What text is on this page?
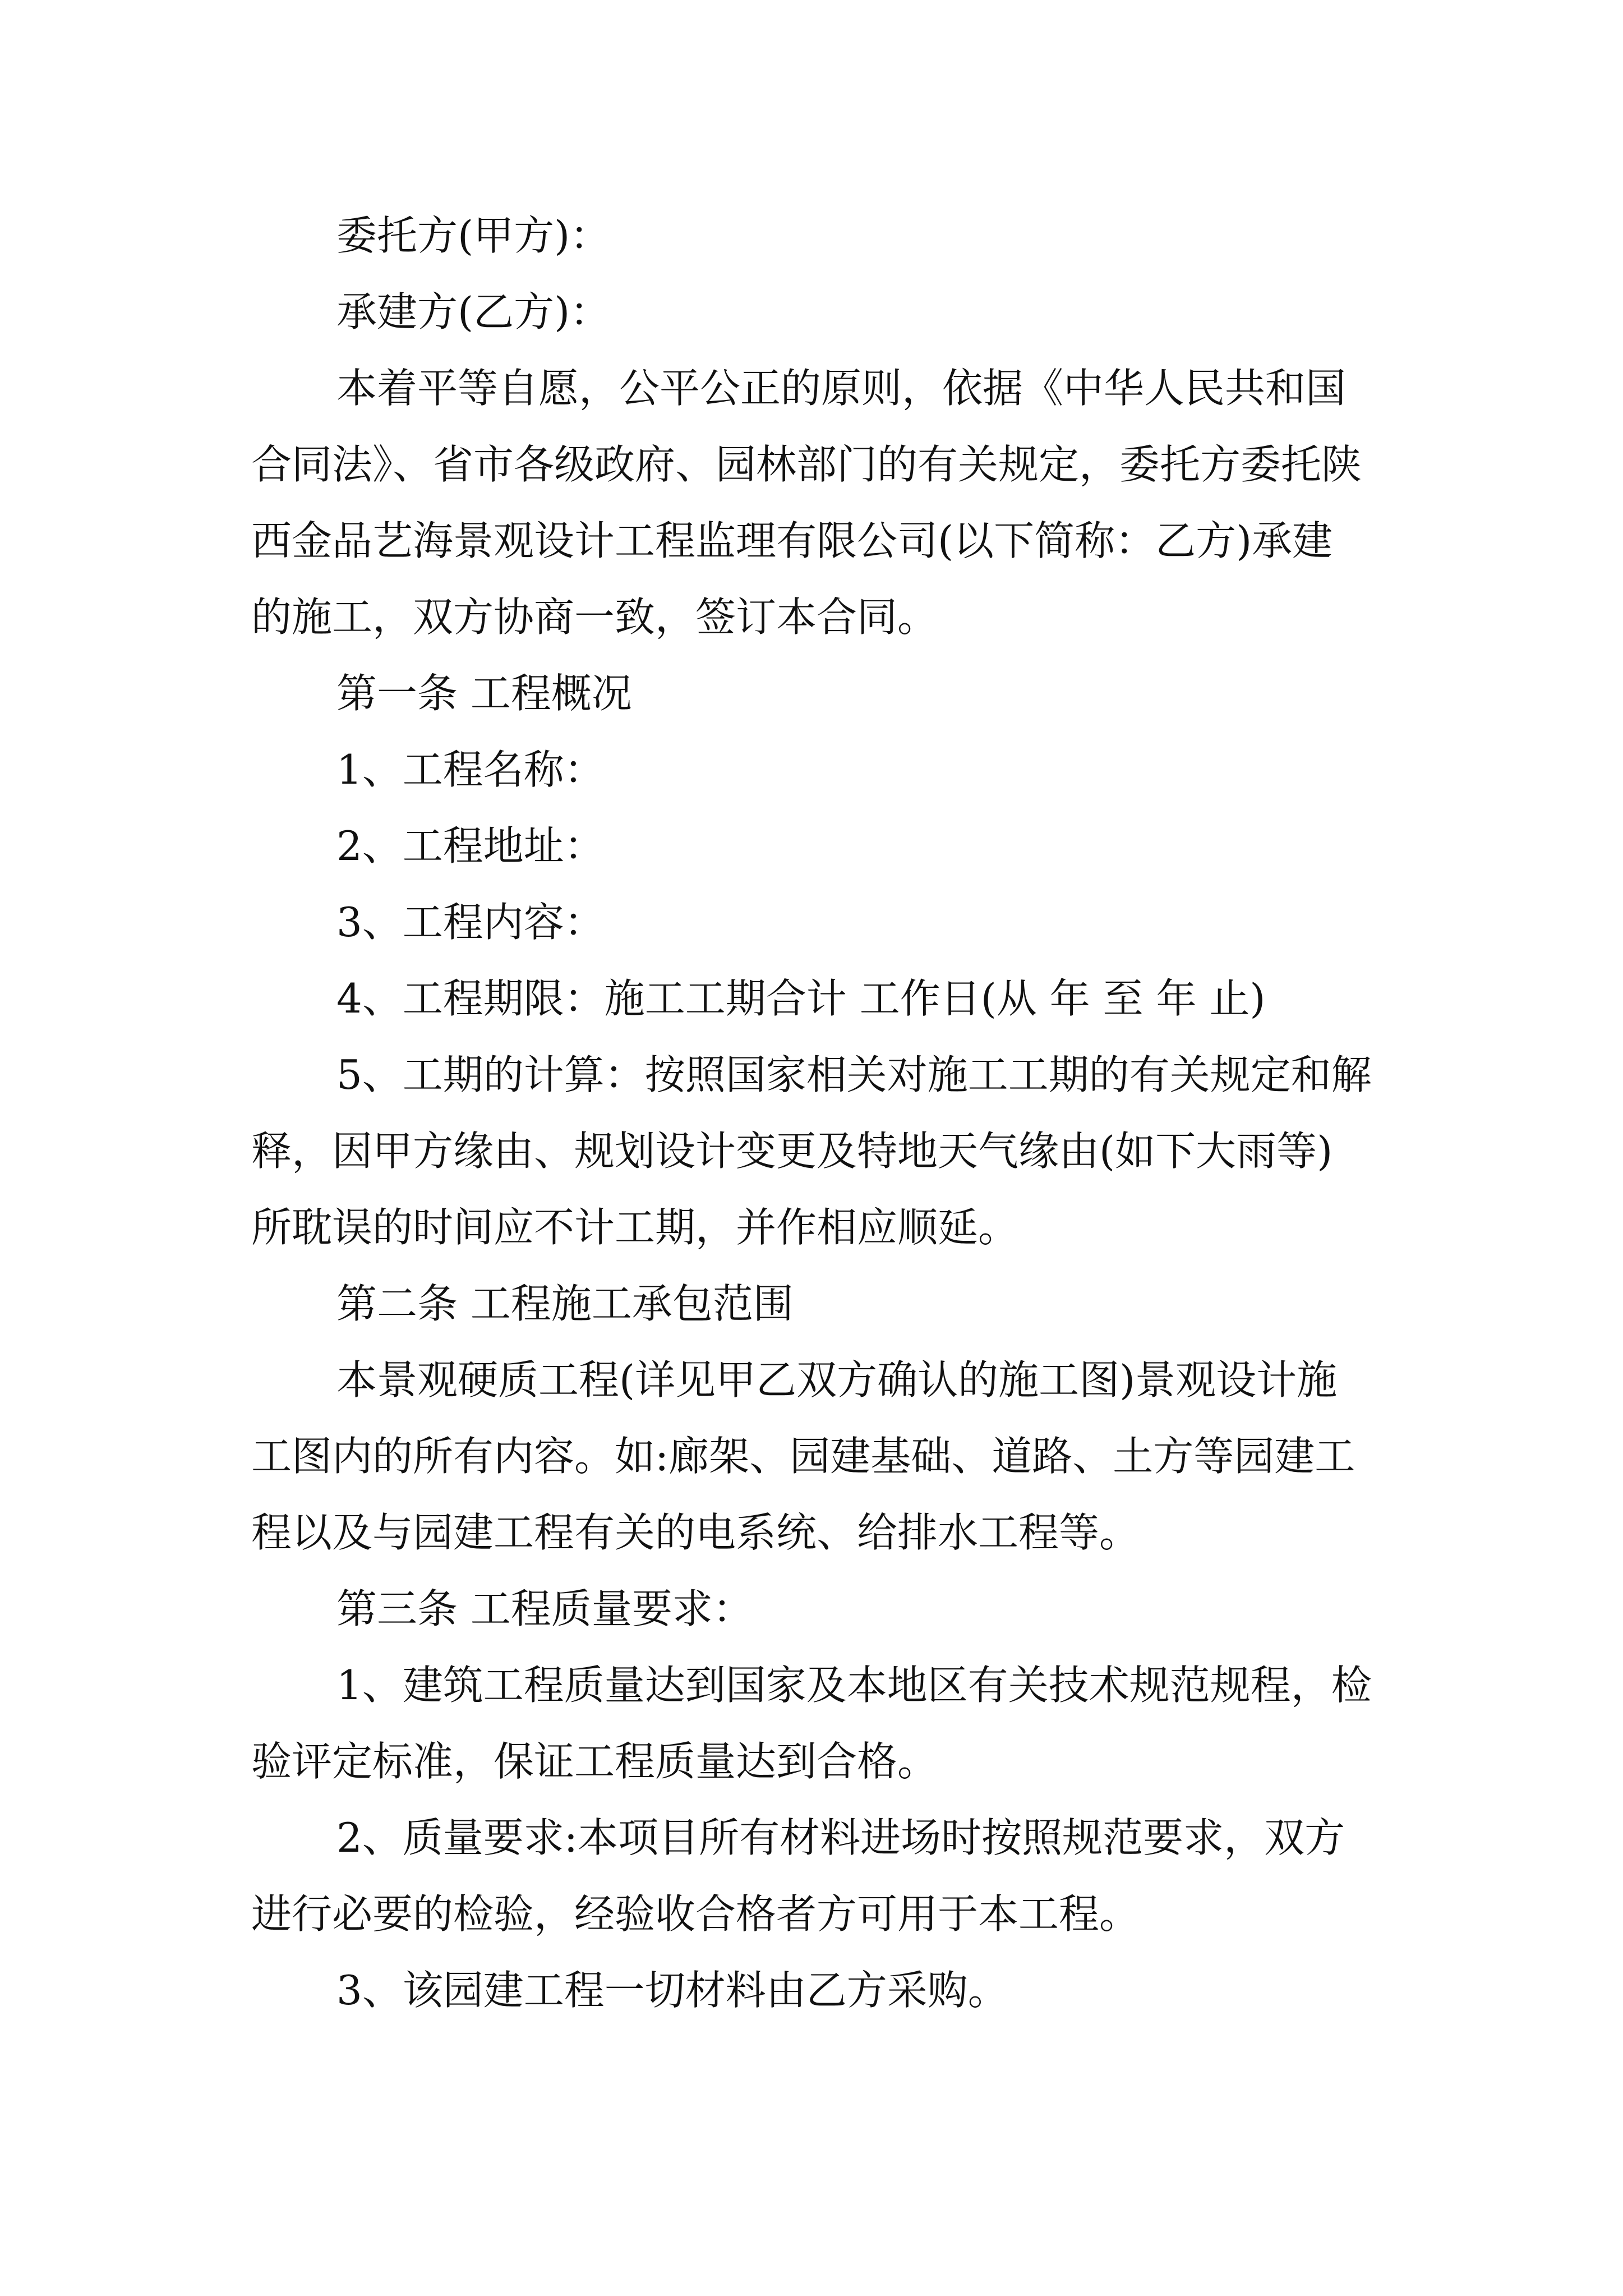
委托方(甲方)：

承建方(乙方)：

本着平等自愿，公平公正的原则，依据《中华人民共和国合同法》、省市各级政府、园林部门的有关规定，委托方委托陕西金品艺海景观设计工程监理有限公司(以下简称：乙方)承建 的施工，双方协商一致，签订本合同。

第一条 工程概况

1、工程名称：

2、工程地址：

3、工程内容：

4、工程期限：施工工期合计 工作日(从 年 至 年 止)

5、工期的计算：按照国家相关对施工工期的有关规定和解释，因甲方缘由、规划设计变更及特地天气缘由(如下大雨等)所耽误的时间应不计工期，并作相应顺延。

第二条 工程施工承包范围

本景观硬质工程(详见甲乙双方确认的施工图)景观设计施工图内的所有内容。如:廊架、园建基础、道路、土方等园建工程以及与园建工程有关的电系统、给排水工程等。

第三条 工程质量要求：

1、建筑工程质量达到国家及本地区有关技术规范规程，检验评定标准，保证工程质量达到合格。

2、质量要求:本项目所有材料进场时按照规范要求，双方进行必要的检验，经验收合格者方可用于本工程。

3、该园建工程一切材料由乙方采购。
